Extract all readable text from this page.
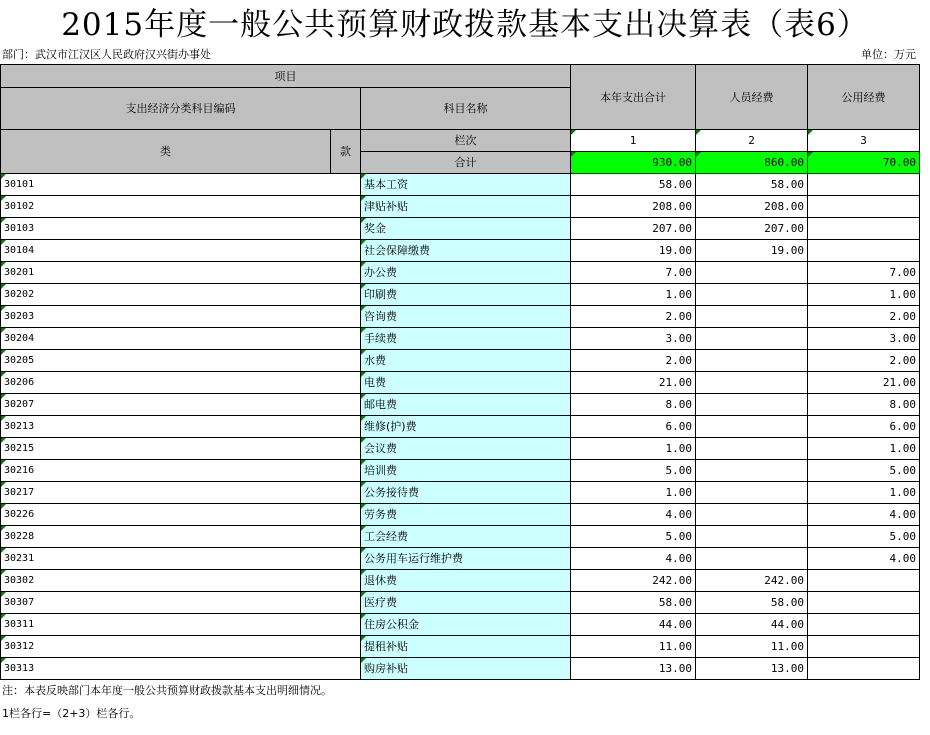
2015年度一般公共预算财政拨款基本支出决算表（表6）
部门：武汉市江汉区人民政府汉兴街办事处	单位：万元
项目			本年支出合计	人员经费	公用经费
支出经济分类科目编码		科目名称			

类	款	栏次	1	2	3
		合计	930.00	860.00	70.00
30101		基本工资	58.00	58.00	
30102		津贴补贴	208.00	208.00	
30103		奖金	207.00	207.00	
30104		社会保障缴费	19.00	19.00	
30201		办公费	7.00		7.00
30202		印刷费	1.00		1.00
30203		咨询费	2.00		2.00
30204		手续费	3.00		3.00
30205		水费	2.00		2.00
30206		电费	21.00		21.00
30207		邮电费	8.00		8.00
30213		维修(护)费	6.00		6.00
30215		会议费	1.00		1.00
30216		培训费	5.00		5.00
30217		公务接待费	1.00		1.00
30226		劳务费	4.00		4.00
30228		工会经费	5.00		5.00
30231		公务用车运行维护费	4.00		4.00
30302		退休费	242.00	242.00	
30307		医疗费	58.00	58.00	
30311		住房公积金	44.00	44.00	
30312		提租补贴	11.00	11.00	
30313		购房补贴	13.00	13.00	
注：本表反映部门本年度一般公共预算财政拨款基本支出明细情况。
1栏各行=（2+3）栏各行。
